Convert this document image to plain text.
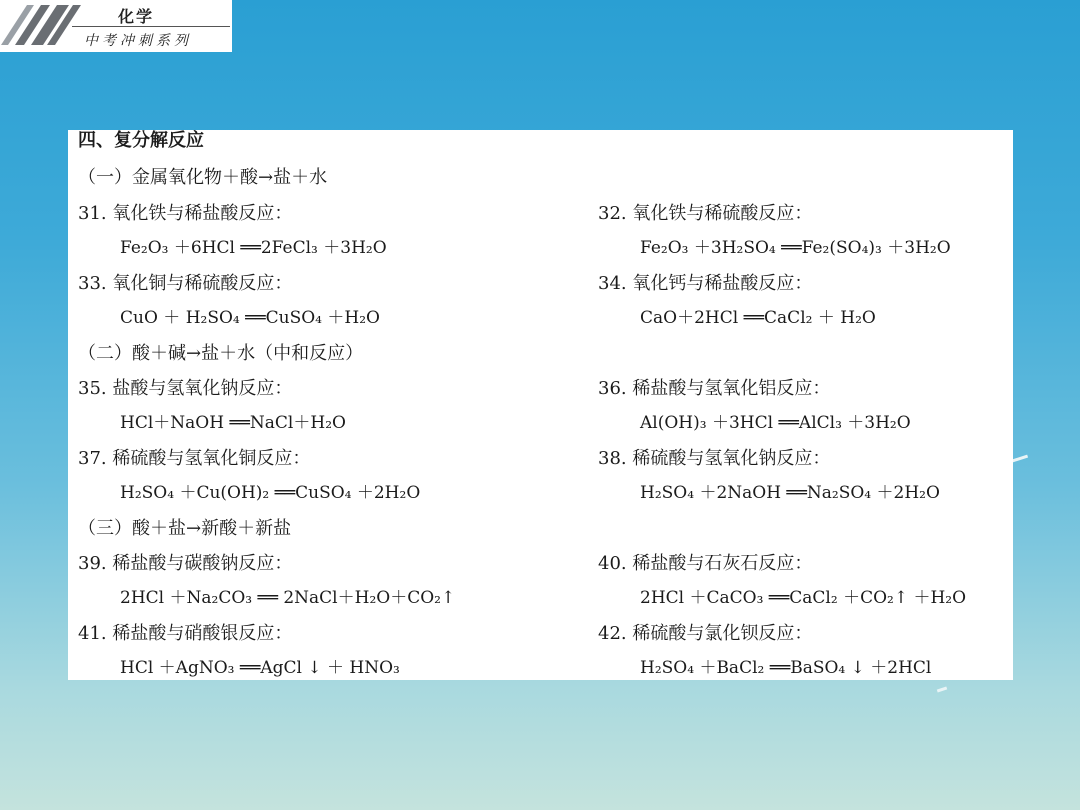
化学
中考冲刺系列
四、复分解反应
（一）金属氧化物＋酸→盐＋水
31. 氧化铁与稀盐酸反应：	32. 氧化铁与稀硫酸反应：
Fe₂O₃ ＋6HCl ══2FeCl₃ ＋3H₂O	Fe₂O₃ ＋3H₂SO₄ ══Fe₂(SO₄)₃ ＋3H₂O
33. 氧化铜与稀硫酸反应：	34. 氧化钙与稀盐酸反应：
CuO ＋ H₂SO₄ ══CuSO₄ ＋H₂O	CaO＋2HCl ══CaCl₂ ＋ H₂O
（二）酸＋碱→盐＋水（中和反应）
35. 盐酸与氢氧化钠反应：	36. 稀盐酸与氢氧化铝反应：
HCl＋NaOH ══NaCl＋H₂O	Al(OH)₃ ＋3HCl ══AlCl₃ ＋3H₂O
37. 稀硫酸与氢氧化铜反应：	38. 稀硫酸与氢氧化钠反应：
H₂SO₄ ＋Cu(OH)₂ ══CuSO₄ ＋2H₂O	H₂SO₄ ＋2NaOH ══Na₂SO₄ ＋2H₂O
（三）酸＋盐→新酸＋新盐
39. 稀盐酸与碳酸钠反应：	40. 稀盐酸与石灰石反应：
2HCl ＋Na₂CO₃ ══ 2NaCl＋H₂O＋CO₂↑	2HCl ＋CaCO₃ ══CaCl₂ ＋CO₂↑ ＋H₂O
41. 稀盐酸与硝酸银反应：	42. 稀硫酸与氯化钡反应：
HCl ＋AgNO₃ ══AgCl ↓ ＋ HNO₃	H₂SO₄ ＋BaCl₂ ══BaSO₄ ↓ ＋2HCl
